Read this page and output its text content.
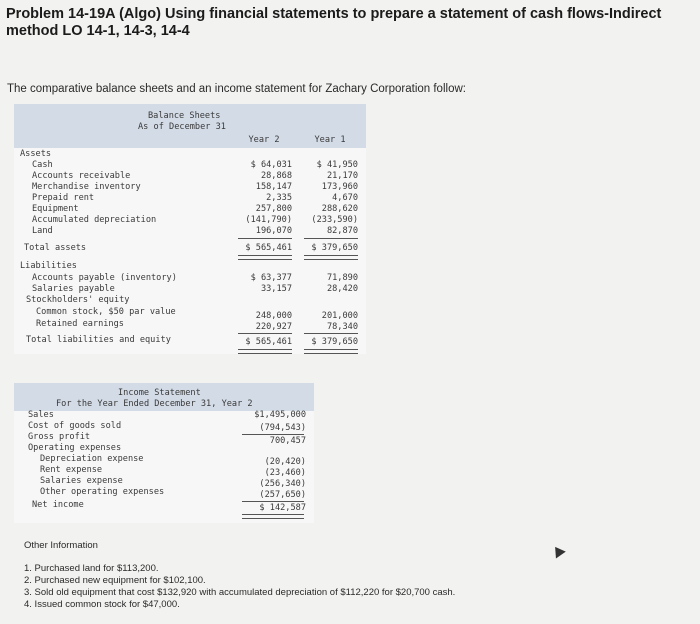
Problem 14-19A (Algo) Using financial statements to prepare a statement of cash flows-Indirect method LO 14-1, 14-3, 14-4
The comparative balance sheets and an income statement for Zachary Corporation follow:
Balance Sheets
As of December 31
Year 2	Year 1
Assets
Cash	$ 64,031	$ 41,950
Accounts receivable	28,868	21,170
Merchandise inventory	158,147	173,960
Prepaid rent	2,335	4,670
Equipment	257,800	288,620
Accumulated depreciation	(141,790)	(233,590)
Land	196,070	82,870
Total assets	$ 565,461	$ 379,650
Liabilities
Accounts payable (inventory)	$ 63,377	71,890
Salaries payable	33,157	28,420
Stockholders' equity
Common stock, $50 par value	248,000	201,000
Retained earnings	220,927	78,340
Total liabilities and equity	$ 565,461	$ 379,650
Income Statement
For the Year Ended December 31, Year 2
Sales	$1,495,000
Cost of goods sold	(794,543)
Gross profit	700,457
Operating expenses
Depreciation expense	(20,420)
Rent expense	(23,460)
Salaries expense	(256,340)
Other operating expenses	(257,650)
Net income	$ 142,587
Other Information
1. Purchased land for $113,200.
2. Purchased new equipment for $102,100.
3. Sold old equipment that cost $132,920 with accumulated depreciation of $112,220 for $20,700 cash.
4. Issued common stock for $47,000.
